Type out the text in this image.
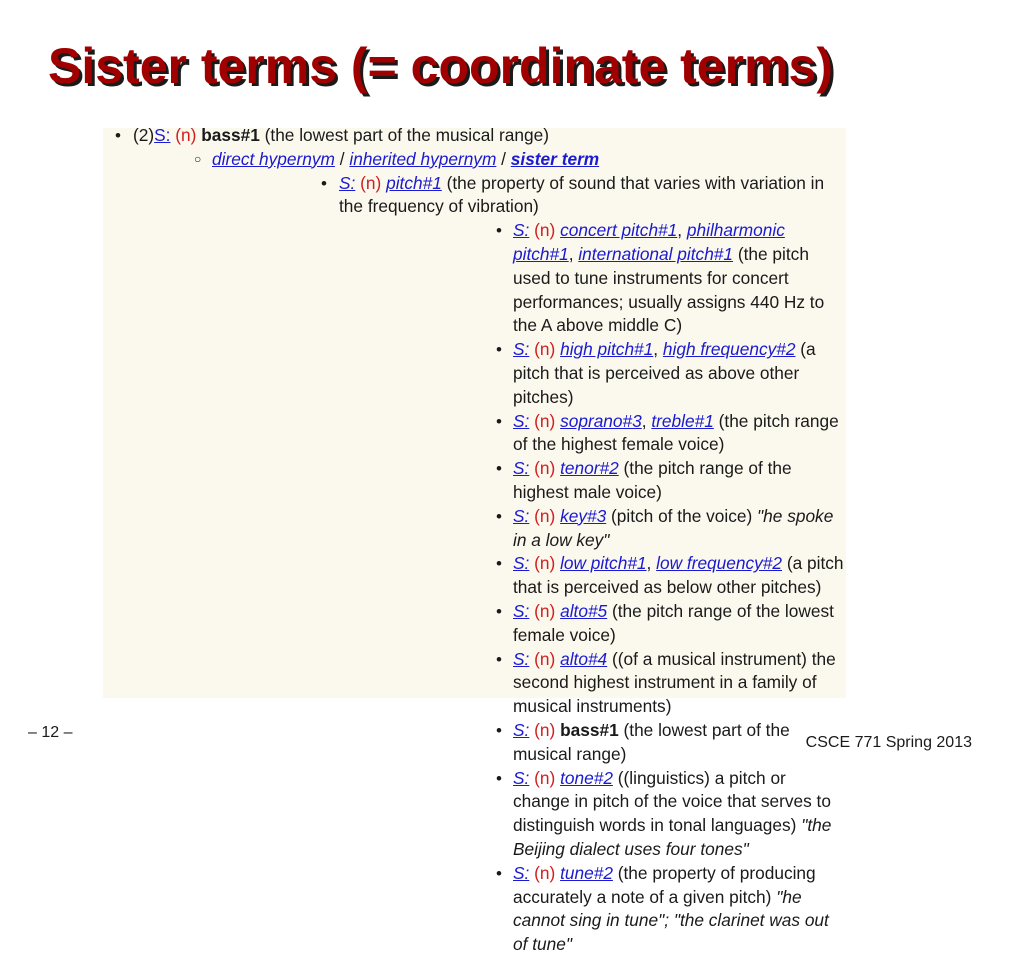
Sister terms (= coordinate terms)
• (2)S: (n) bass#1 (the lowest part of the musical range)
○ direct hypernym / inherited hypernym / sister term
• S: (n) pitch#1 (the property of sound that varies with variation in the frequency of vibration)
• S: (n) concert pitch#1, philharmonic pitch#1, international pitch#1 (the pitch used to tune instruments for concert performances; usually assigns 440 Hz to the A above middle C)
• S: (n) high pitch#1, high frequency#2 (a pitch that is perceived as above other pitches)
• S: (n) soprano#3, treble#1 (the pitch range of the highest female voice)
• S: (n) tenor#2 (the pitch range of the highest male voice)
• S: (n) key#3 (pitch of the voice) "he spoke in a low key"
• S: (n) low pitch#1, low frequency#2 (a pitch that is perceived as below other pitches)
• S: (n) alto#5 (the pitch range of the lowest female voice)
• S: (n) alto#4 ((of a musical instrument) the second highest instrument in a family of musical instruments)
• S: (n) bass#1 (the lowest part of the musical range)
• S: (n) tone#2 ((linguistics) a pitch or change in pitch of the voice that serves to distinguish words in tonal languages) "the Beijing dialect uses four tones"
• S: (n) tune#2 (the property of producing accurately a note of a given pitch) "he cannot sing in tune"; "the clarinet was out of tune"
– 12 –
CSCE 771 Spring 2013
